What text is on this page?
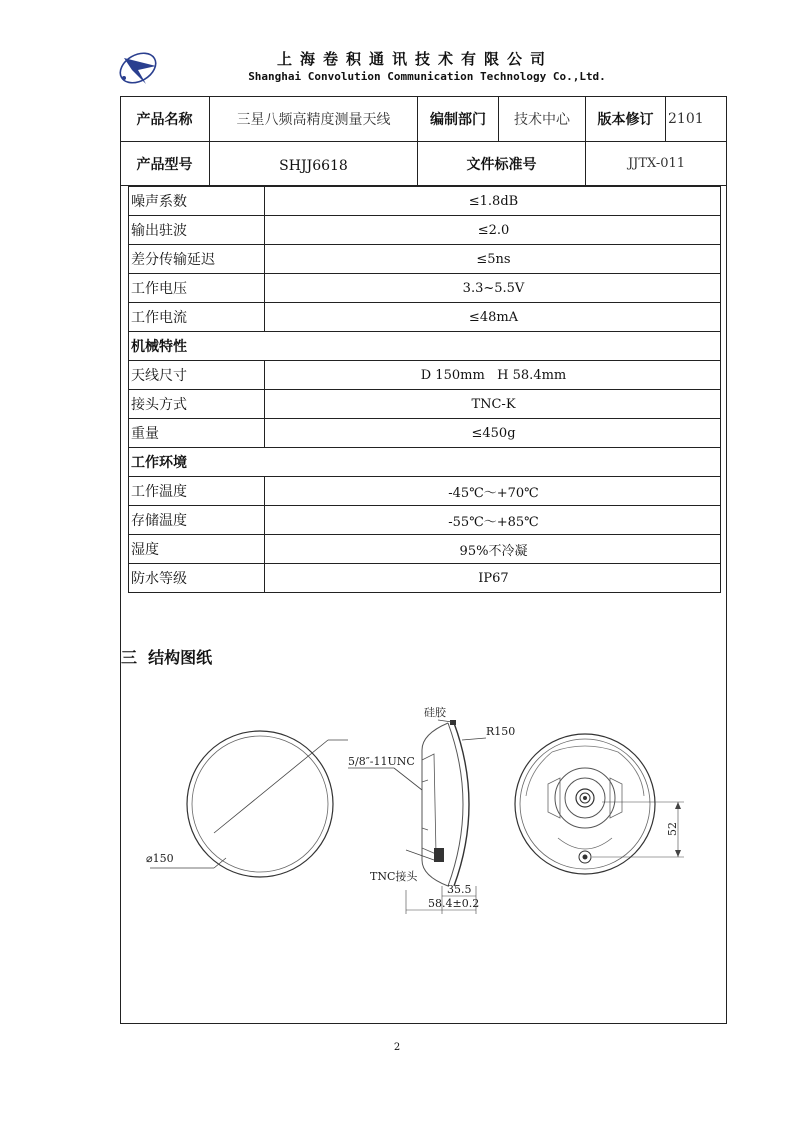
上海卷积通讯技术有限公司
Shanghai Convolution Communication Technology Co.,Ltd.
产品名称	三星八频高精度测量天线	编制部门	技术中心	版本修订	2101
产品型号	SHJJ6618	文件标准号	JJTX-011
噪声系数	≤1.8dB
输出驻波	≤2.0
差分传输延迟	≤5ns
工作电压	3.3~5.5V
工作电流	≤48mA
机械特性	
天线尺寸	D 150mm   H 58.4mm
接头方式	TNC-K
重量	≤450g
工作环境	
工作温度	-45℃～+70℃
存储温度	-55℃～+85℃
湿度	95%不冷凝
防水等级	IP67
三  结构图纸
⌀150
TNC接头
5/8″-11UNC
硅胶
R150
35.5
58.4±0.2
52
2
